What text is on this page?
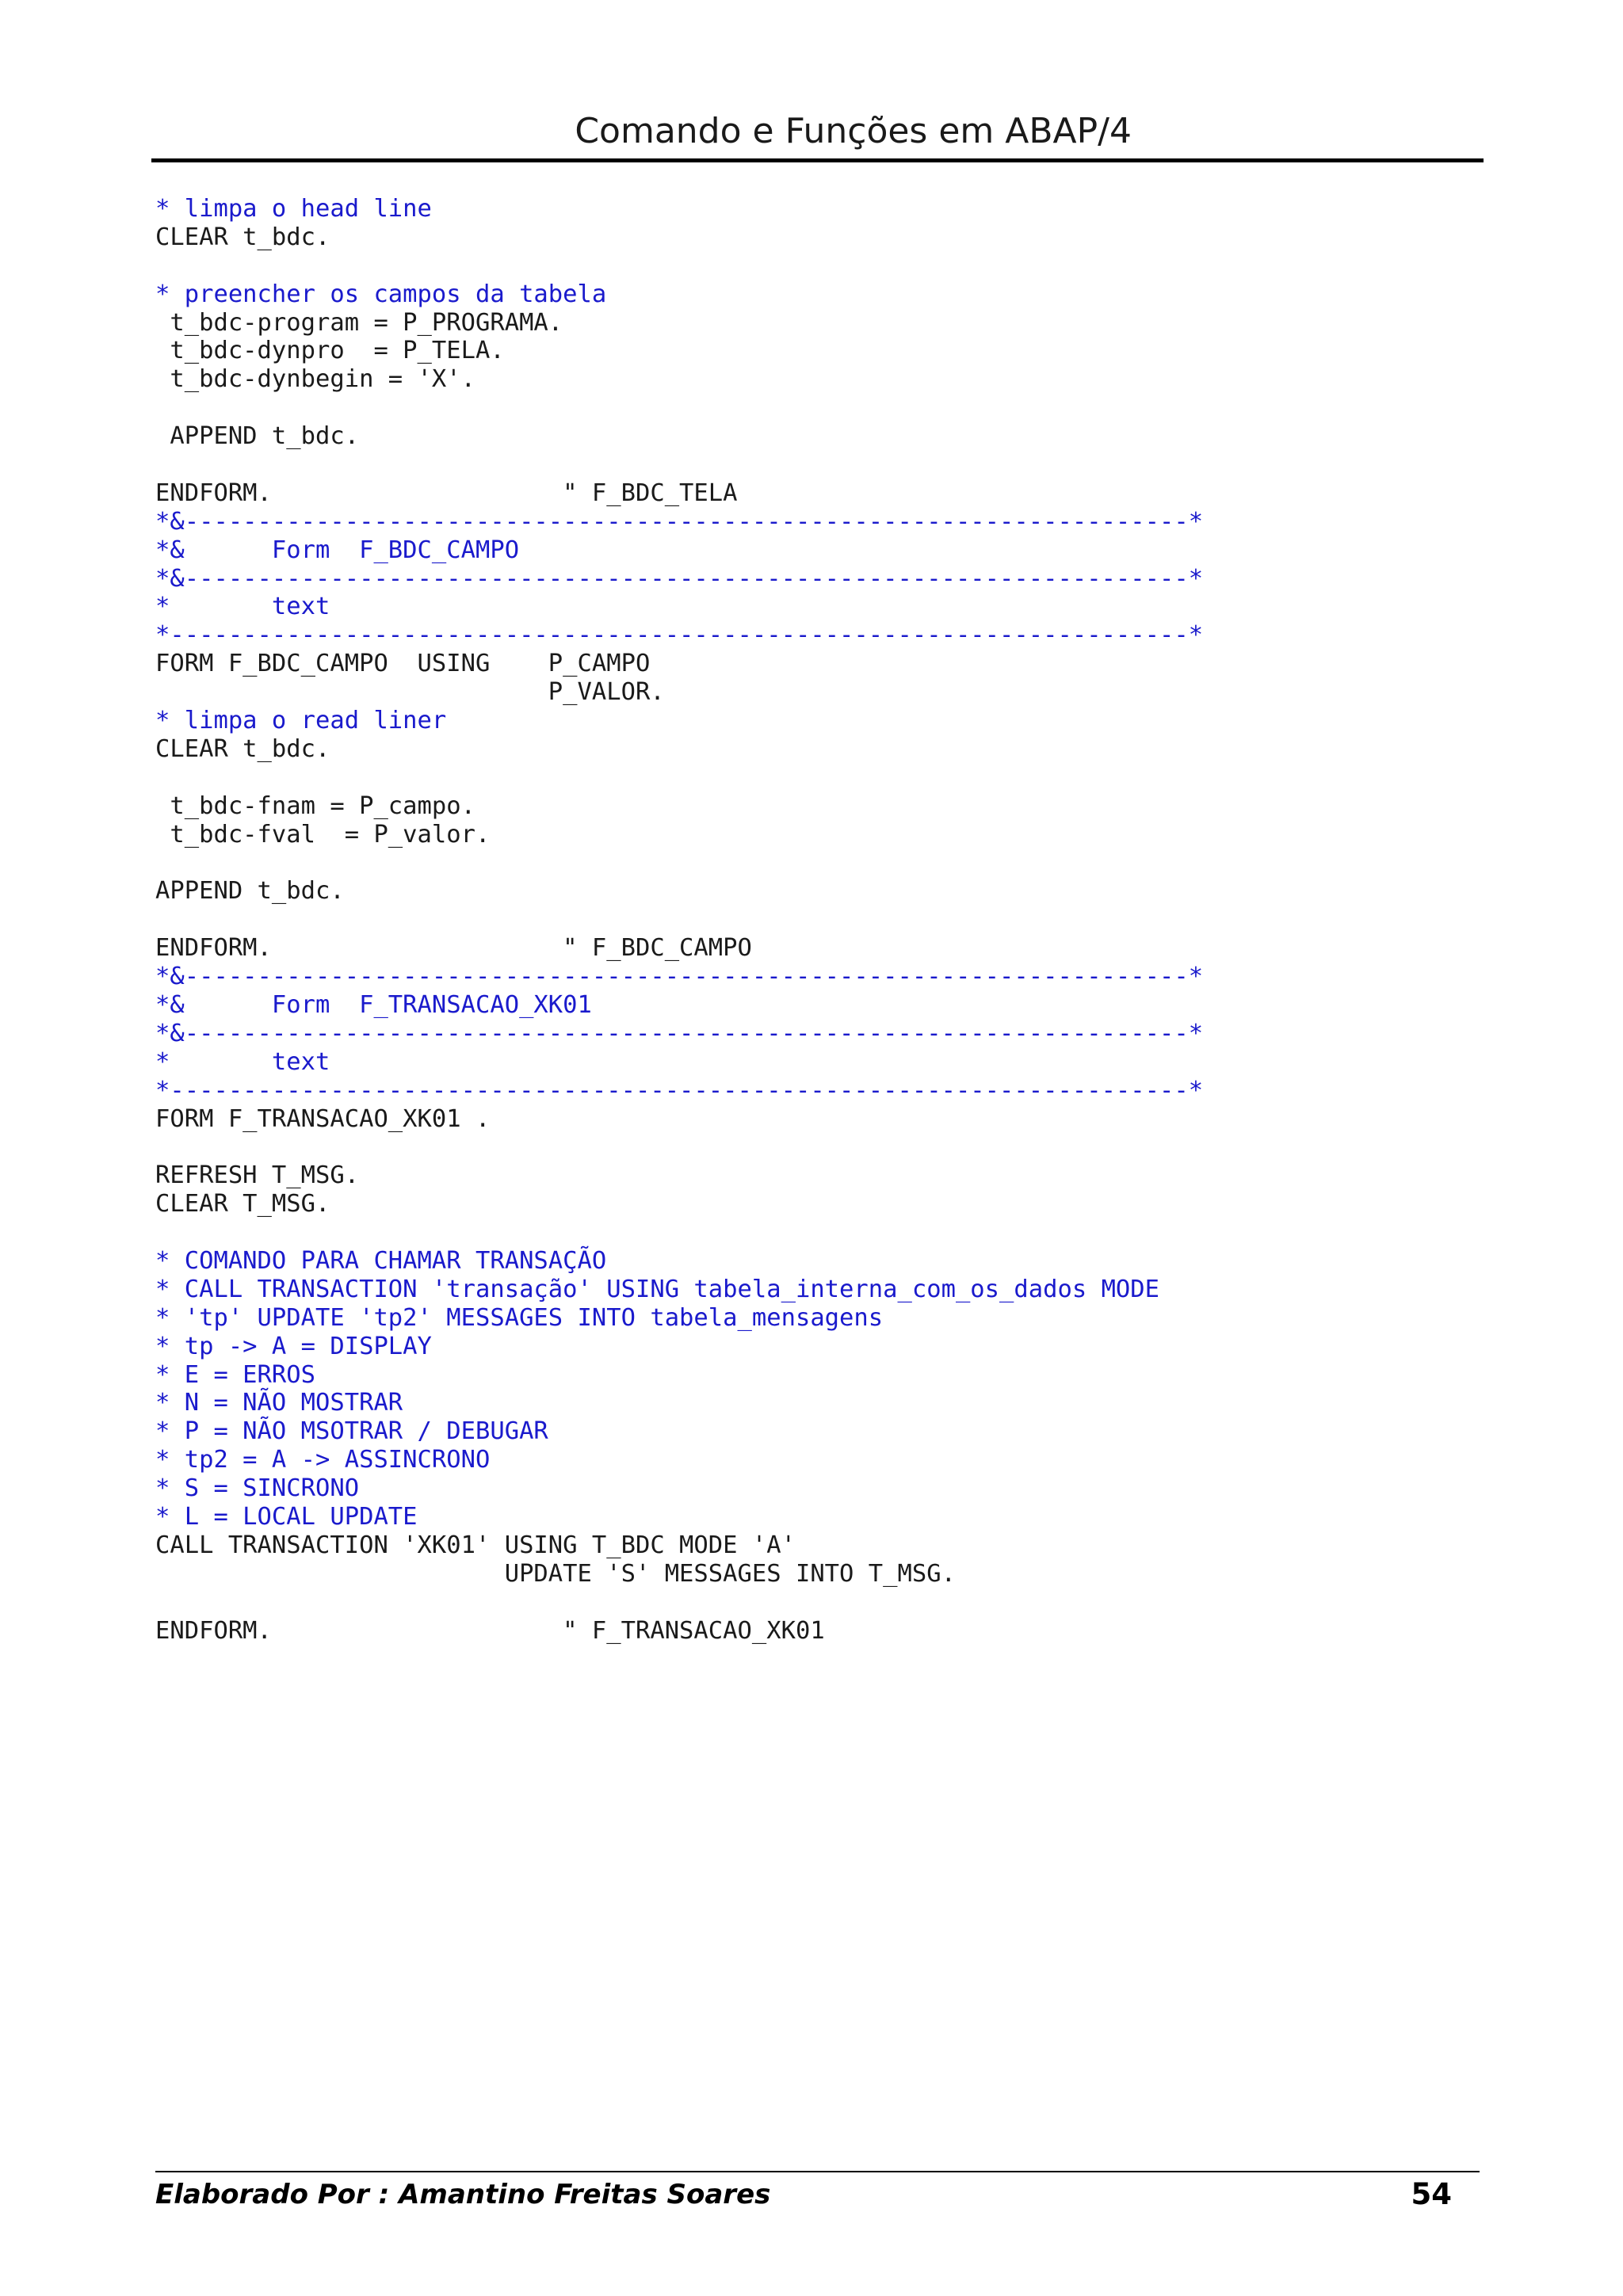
Comando e Funções em ABAP/4
* limpa o head line
CLEAR t_bdc.
* preencher os campos da tabela
t_bdc-program = P_PROGRAMA.
t_bdc-dynpro  = P_TELA.
t_bdc-dynbegin = 'X'.
APPEND t_bdc.
ENDFORM.                    " F_BDC_TELA
*&---------------------------------------------------------------------*
*&      Form  F_BDC_CAMPO
*&---------------------------------------------------------------------*
*       text
*----------------------------------------------------------------------*
FORM F_BDC_CAMPO  USING    P_CAMPO
P_VALOR.
* limpa o read liner
CLEAR t_bdc.
t_bdc-fnam = P_campo.
t_bdc-fval  = P_valor.
APPEND t_bdc.
ENDFORM.                    " F_BDC_CAMPO
*&---------------------------------------------------------------------*
*&      Form  F_TRANSACAO_XK01
*&---------------------------------------------------------------------*
*       text
*----------------------------------------------------------------------*
FORM F_TRANSACAO_XK01 .
REFRESH T_MSG.
CLEAR T_MSG.
* COMANDO PARA CHAMAR TRANSAÇÃO
* CALL TRANSACTION 'transação' USING tabela_interna_com_os_dados MODE
* 'tp' UPDATE 'tp2' MESSAGES INTO tabela_mensagens
* tp -> A = DISPLAY
* E = ERROS
* N = NÃO MOSTRAR
* P = NÃO MSOTRAR / DEBUGAR
* tp2 = A -> ASSINCRONO
* S = SINCRONO
* L = LOCAL UPDATE
CALL TRANSACTION 'XK01' USING T_BDC MODE 'A'
UPDATE 'S' MESSAGES INTO T_MSG.
ENDFORM.                    " F_TRANSACAO_XK01
Elaborado Por : Amantino Freitas Soares	54
